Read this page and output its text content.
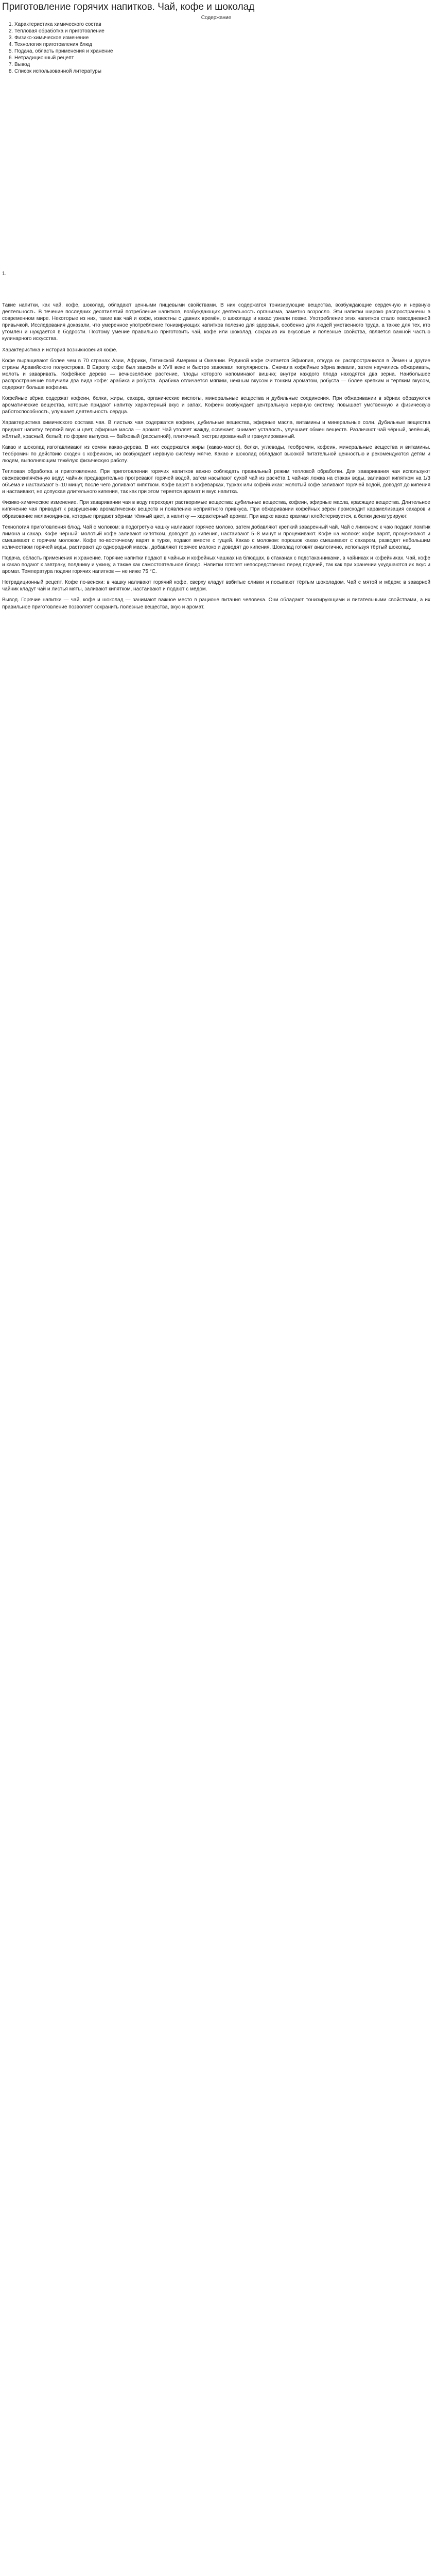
Приготовление горячих напитков. Чай, кофе и шоколад
Содержание
1. Характеристика химического состав
2. Тепловая обработка и приготовление
3. Физико-химическое изменение
4. Технология приготовления блюд
5. Подача, область применения и хранение
6. Нетрадиционный рецепт
7. Вывод
8. Список использованной литературы
1.

Такие напитки, как чай, кофе, шоколад, обладают ценными пищевыми свойствами. В них содержатся тонизирующие вещества, возбуждающие сердечную и нервную деятельность. В течение последних десятилетий потребление напитков, возбуждающих деятельность организма, заметно возросло. Эти напитки широко распространены в современном мире. Некоторые из них, такие как чай и кофе, известны с давних времён, о шоколаде и какао узнали позже. Употребление этих напитков стало повседневной привычкой. Исследования доказали, что умеренное употребление тонизирующих напитков полезно для здоровья, особенно для людей умственного труда, а также для тех, кто утомлён и нуждается в бодрости. Поэтому умение правильно приготовить чай, кофе или шоколад, сохранив их вкусовые и полезные свойства, является важной частью кулинарного искусства.

Характеристика и история возникновения кофе.

Кофе выращивают более чем в 70 странах Азии, Африки, Латинской Америки и Океании. Родиной кофе считается Эфиопия, откуда он распространился в Йемен и другие страны Аравийского полуострова. В Европу кофе был завезён в XVII веке и быстро завоевал популярность. Сначала кофейные зёрна жевали, затем научились обжаривать, молоть и заваривать. Кофейное дерево — вечнозелёное растение, плоды которого напоминают вишню; внутри каждого плода находятся два зерна. Наибольшее распространение получили два вида кофе: арабика и робуста. Арабика отличается мягким, нежным вкусом и тонким ароматом, робуста — более крепким и терпким вкусом, содержит больше кофеина.

Кофейные зёрна содержат кофеин, белки, жиры, сахара, органические кислоты, минеральные вещества и дубильные соединения. При обжаривании в зёрнах образуются ароматические вещества, которые придают напитку характерный вкус и запах. Кофеин возбуждает центральную нервную систему, повышает умственную и физическую работоспособность, улучшает деятельность сердца.

Характеристика химического состава чая. В листьях чая содержатся кофеин, дубильные вещества, эфирные масла, витамины и минеральные соли. Дубильные вещества придают напитку терпкий вкус и цвет, эфирные масла — аромат. Чай утоляет жажду, освежает, снимает усталость, улучшает обмен веществ. Различают чай чёрный, зелёный, жёлтый, красный, белый; по форме выпуска — байховый (рассыпной), плиточный, экстрагированный и гранулированный.

Какао и шоколад изготавливают из семян какао-дерева. В них содержатся жиры (какао-масло), белки, углеводы, теобромин, кофеин, минеральные вещества и витамины. Теобромин по действию сходен с кофеином, но возбуждает нервную систему мягче. Какао и шоколад обладают высокой питательной ценностью и рекомендуются детям и людям, выполняющим тяжёлую физическую работу.

Тепловая обработка и приготовление. При приготовлении горячих напитков важно соблюдать правильный режим тепловой обработки. Для заваривания чая используют свежевскипячённую воду; чайник предварительно прогревают горячей водой, затем насыпают сухой чай из расчёта 1 чайная ложка на стакан воды, заливают кипятком на 1/3 объёма и настаивают 5–10 минут, после чего доливают кипятком. Кофе варят в кофеварках, турках или кофейниках: молотый кофе заливают горячей водой, доводят до кипения и настаивают, не допуская длительного кипения, так как при этом теряется аромат и вкус напитка.

Физико-химическое изменение. При заваривании чая в воду переходят растворимые вещества: дубильные вещества, кофеин, эфирные масла, красящие вещества. Длительное кипячение чая приводит к разрушению ароматических веществ и появлению неприятного привкуса. При обжаривании кофейных зёрен происходит карамелизация сахаров и образование меланоидинов, которые придают зёрнам тёмный цвет, а напитку — характерный аромат. При варке какао крахмал клейстеризуется, а белки денатурируют.

Технология приготовления блюд. Чай с молоком: в подогретую чашку наливают горячее молоко, затем добавляют крепкий заваренный чай. Чай с лимоном: к чаю подают ломтик лимона и сахар. Кофе чёрный: молотый кофе заливают кипятком, доводят до кипения, настаивают 5–8 минут и процеживают. Кофе на молоке: кофе варят, процеживают и смешивают с горячим молоком. Кофе по-восточному варят в турке, подают вместе с гущей. Какао с молоком: порошок какао смешивают с сахаром, разводят небольшим количеством горячей воды, растирают до однородной массы, добавляют горячее молоко и доводят до кипения. Шоколад готовят аналогично, используя тёртый шоколад.

Подача, область применения и хранение. Горячие напитки подают в чайных и кофейных чашках на блюдцах, в стаканах с подстаканниками, в чайниках и кофейниках. Чай, кофе и какао подают к завтраку, полднику и ужину, а также как самостоятельное блюдо. Напитки готовят непосредственно перед подачей, так как при хранении ухудшаются их вкус и аромат. Температура подачи горячих напитков — не ниже 75 °С.

Нетрадиционный рецепт. Кофе по-венски: в чашку наливают горячий кофе, сверху кладут взбитые сливки и посыпают тёртым шоколадом. Чай с мятой и мёдом: в заварной чайник кладут чай и листья мяты, заливают кипятком, настаивают и подают с мёдом.

Вывод. Горячие напитки — чай, кофе и шоколад — занимают важное место в рационе питания человека. Они обладают тонизирующими и питательными свойствами, а их правильное приготовление позволяет сохранить полезные вещества, вкус и аромат.
